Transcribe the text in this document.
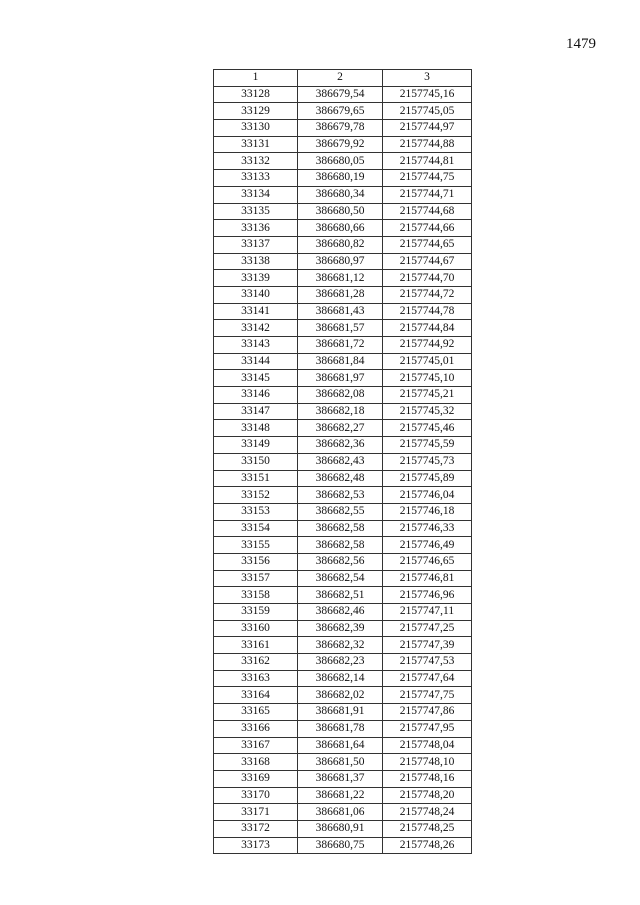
1479
1	2	3
33128	386679,54	2157745,16
33129	386679,65	2157745,05
33130	386679,78	2157744,97
33131	386679,92	2157744,88
33132	386680,05	2157744,81
33133	386680,19	2157744,75
33134	386680,34	2157744,71
33135	386680,50	2157744,68
33136	386680,66	2157744,66
33137	386680,82	2157744,65
33138	386680,97	2157744,67
33139	386681,12	2157744,70
33140	386681,28	2157744,72
33141	386681,43	2157744,78
33142	386681,57	2157744,84
33143	386681,72	2157744,92
33144	386681,84	2157745,01
33145	386681,97	2157745,10
33146	386682,08	2157745,21
33147	386682,18	2157745,32
33148	386682,27	2157745,46
33149	386682,36	2157745,59
33150	386682,43	2157745,73
33151	386682,48	2157745,89
33152	386682,53	2157746,04
33153	386682,55	2157746,18
33154	386682,58	2157746,33
33155	386682,58	2157746,49
33156	386682,56	2157746,65
33157	386682,54	2157746,81
33158	386682,51	2157746,96
33159	386682,46	2157747,11
33160	386682,39	2157747,25
33161	386682,32	2157747,39
33162	386682,23	2157747,53
33163	386682,14	2157747,64
33164	386682,02	2157747,75
33165	386681,91	2157747,86
33166	386681,78	2157747,95
33167	386681,64	2157748,04
33168	386681,50	2157748,10
33169	386681,37	2157748,16
33170	386681,22	2157748,20
33171	386681,06	2157748,24
33172	386680,91	2157748,25
33173	386680,75	2157748,26
